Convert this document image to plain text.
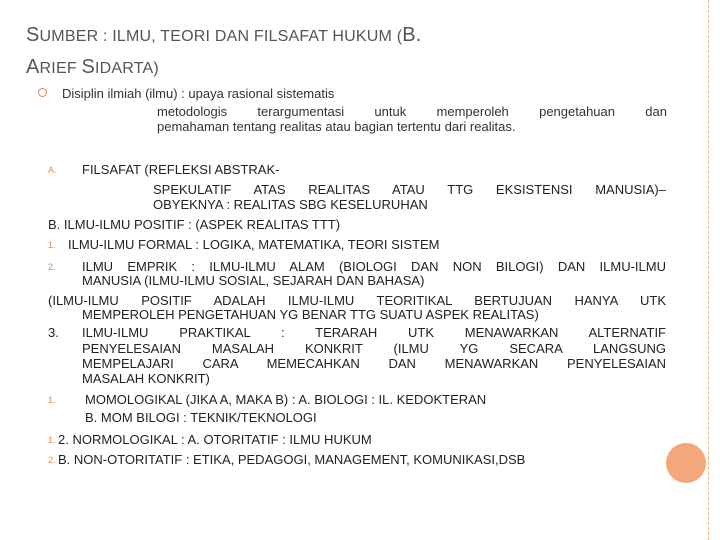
SUMBER : ILMU, TEORI DAN FILSAFAT HUKUM (B.
ARIEF SIDARTA)
Disiplin ilmiah (ilmu) : upaya rasional sistematis
metodologis terargumentasi untuk memperoleh pengetahuan dan
pemahaman tentang realitas atau bagian tertentu dari realitas.
A. FILSAFAT (REFLEKSI ABSTRAK-
SPEKULATIF ATAS REALITAS ATAU TTG EKSISTENSI MANUSIA)–
OBYEKNYA : REALITAS SBG KESELURUHAN
B. ILMU-ILMU POSITIF : (ASPEK REALITAS TTT)
1. ILMU-ILMU FORMAL : LOGIKA, MATEMATIKA, TEORI SISTEM
2. ILMU EMPRIK : ILMU-ILMU ALAM (BIOLOGI DAN NON BILOGI) DAN ILMU-ILMU
MANUSIA (ILMU-ILMU SOSIAL, SEJARAH DAN BAHASA)
(ILMU-ILMU POSITIF ADALAH ILMU-ILMU TEORITIKAL BERTUJUAN HANYA UTK
MEMPEROLEH PENGETAHUAN YG BENAR TTG SUATU ASPEK REALITAS)
3. ILMU-ILMU PRAKTIKAL : TERARAH UTK MENAWARKAN ALTERNATIF
PENYELESAIAN MASALAH KONKRIT (ILMU YG SECARA LANGSUNG
MEMPELAJARI CARA MEMECAHKAN DAN MENAWARKAN PENYELESAIAN
MASALAH KONKRIT)
1. MOMOLOGIKAL (JIKA A, MAKA B) : A. BIOLOGI : IL. KEDOKTERAN
B. MOM BILOGI : TEKNIK/TEKNOLOGI
1. 2. NORMOLOGIKAL : A. OTORITATIF : ILMU HUKUM
2. B. NON-OTORITATIF : ETIKA, PEDAGOGI, MANAGEMENT, KOMUNIKASI,DSB
